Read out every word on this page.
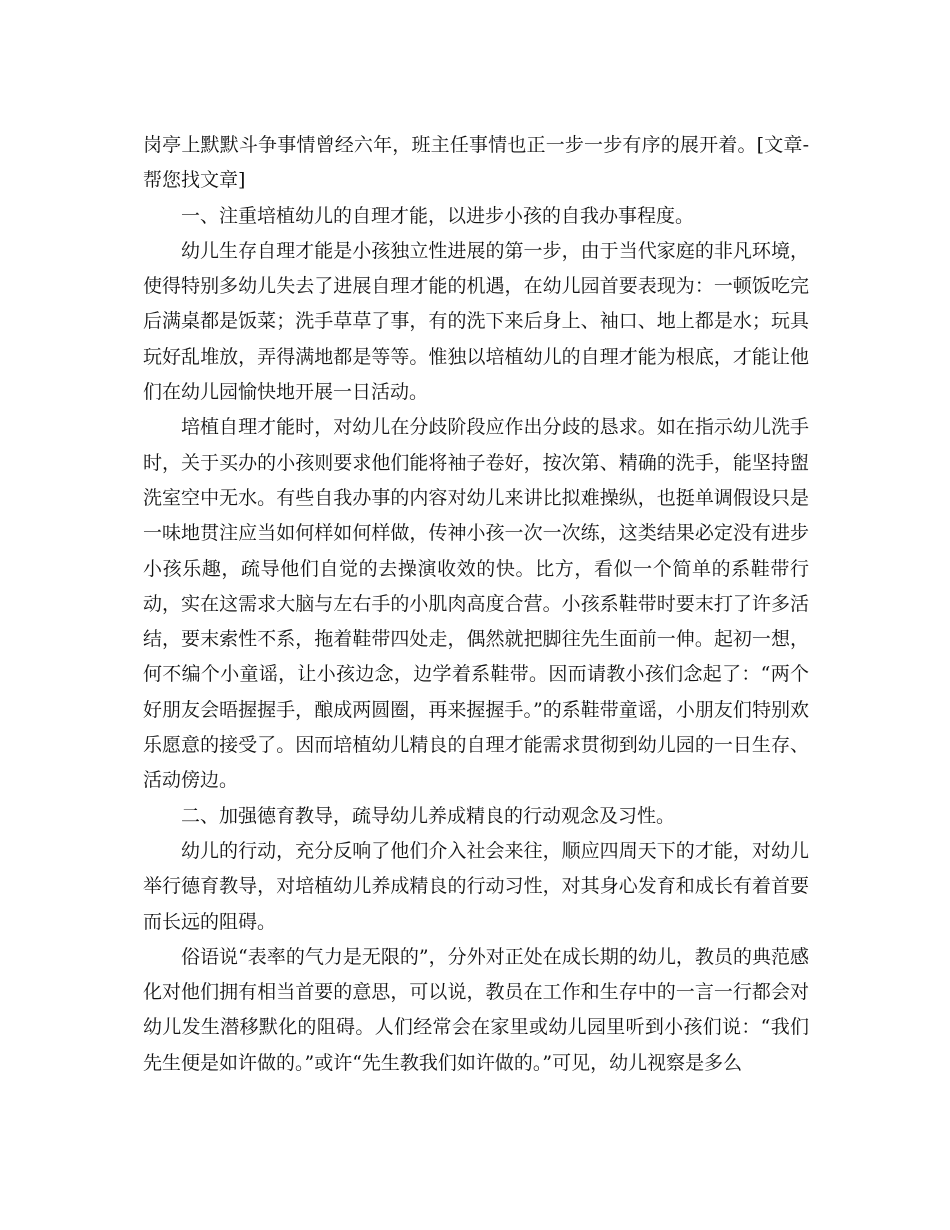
岗亭上默默斗争事情曾经六年，班主任事情也正一步一步有序的展开着。[文章-帮您找文章]

一、注重培植幼儿的自理才能，以进步小孩的自我办事程度。

幼儿生存自理才能是小孩独立性进展的第一步，由于当代家庭的非凡环境，使得特别多幼儿失去了进展自理才能的机遇，在幼儿园首要表现为：一顿饭吃完后满桌都是饭菜；洗手草草了事，有的洗下来后身上、袖口、地上都是水；玩具玩好乱堆放，弄得满地都是等等。惟独以培植幼儿的自理才能为根底，才能让他们在幼儿园愉快地开展一日活动。

培植自理才能时，对幼儿在分歧阶段应作出分歧的恳求。如在指示幼儿洗手时，关于买办的小孩则要求他们能将袖子卷好，按次第、精确的洗手，能坚持盥洗室空中无水。有些自我办事的内容对幼儿来讲比拟难操纵，也挺单调假设只是一味地贯注应当如何样如何样做，传神小孩一次一次练，这类结果必定没有进步小孩乐趣，疏导他们自觉的去操演收效的快。比方，看似一个简单的系鞋带行动，实在这需求大脑与左右手的小肌肉高度合营。小孩系鞋带时要末打了许多活结，要末索性不系，拖着鞋带四处走，偶然就把脚往先生面前一伸。起初一想，何不编个小童谣，让小孩边念，边学着系鞋带。因而请教小孩们念起了：“两个好朋友会晤握握手，酿成两圆圈，再来握握手。”的系鞋带童谣，小朋友们特别欢乐愿意的接受了。因而培植幼儿精良的自理才能需求贯彻到幼儿园的一日生存、活动傍边。

二、加强德育教导，疏导幼儿养成精良的行动观念及习性。

幼儿的行动，充分反响了他们介入社会来往，顺应四周天下的才能，对幼儿举行德育教导，对培植幼儿养成精良的行动习性，对其身心发育和成长有着首要而长远的阻碍。

俗语说“表率的气力是无限的”，分外对正处在成长期的幼儿，教员的典范感化对他们拥有相当首要的意思，可以说，教员在工作和生存中的一言一行都会对幼儿发生潜移默化的阻碍。人们经常会在家里或幼儿园里听到小孩们说：“我们先生便是如许做的。”或许“先生教我们如许做的。”可见，幼儿视察是多么
